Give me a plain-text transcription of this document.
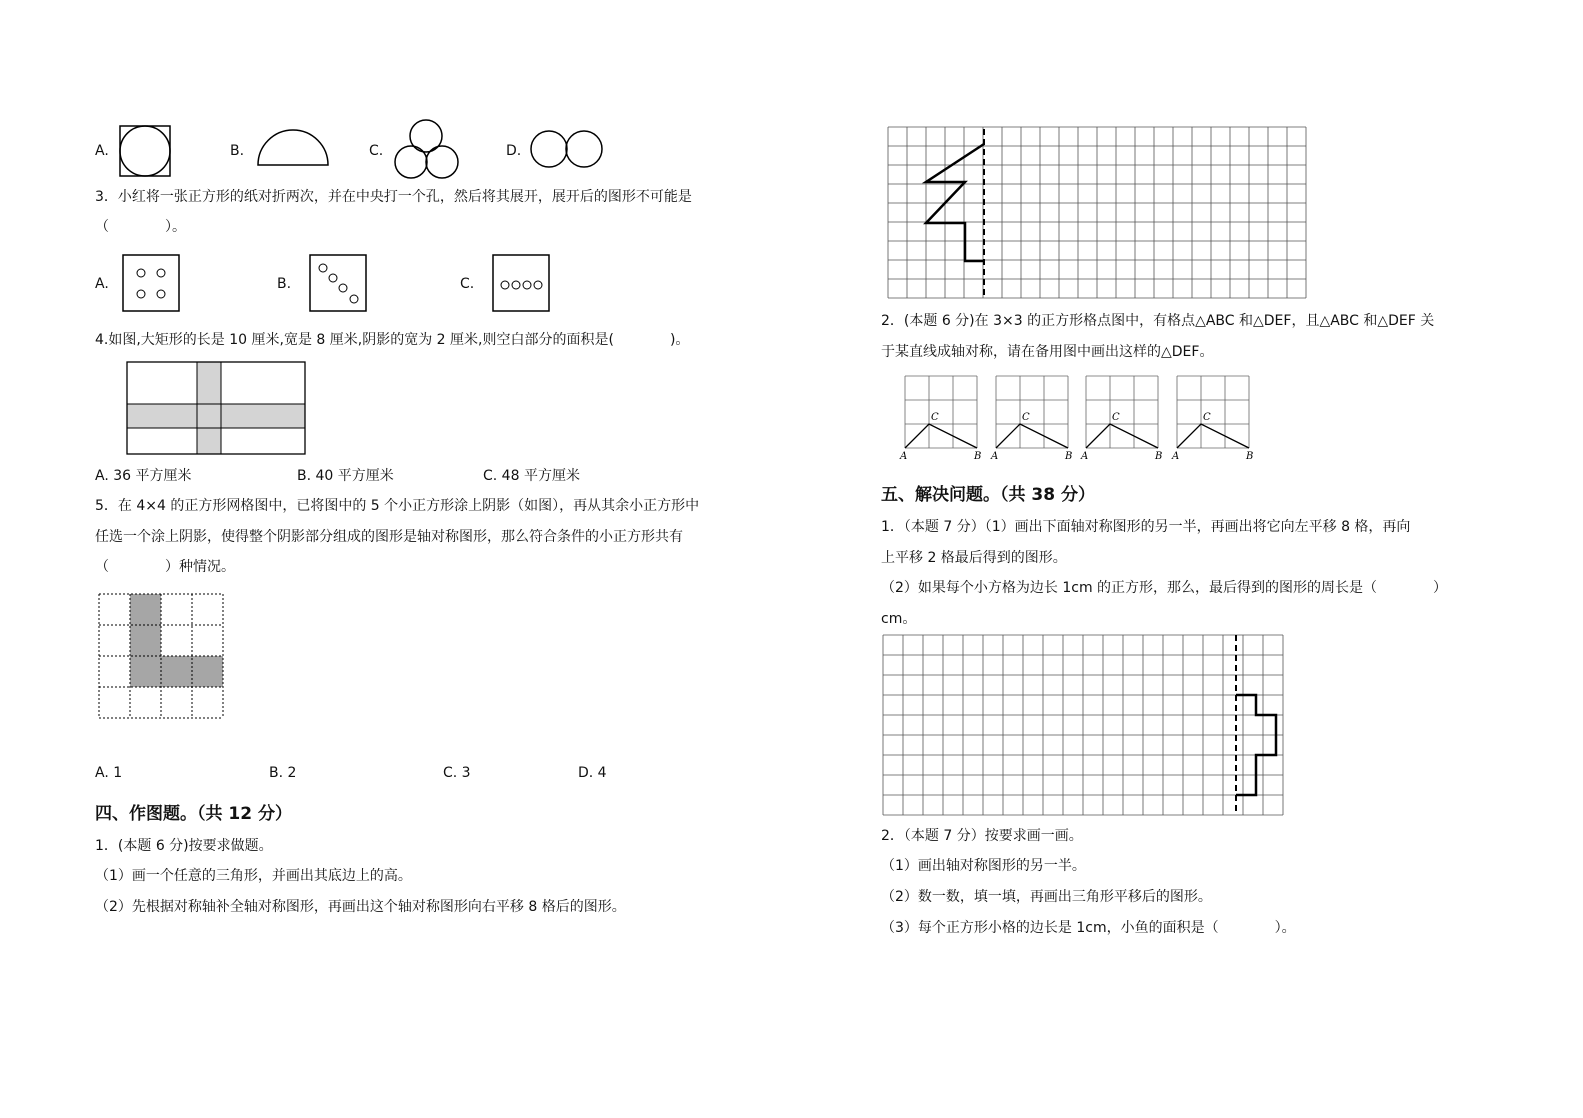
A.	B.	C.	D.
3．小红将一张正方形的纸对折两次，并在中央打一个孔，然后将其展开，展开后的图形不可能是
（　　　　）。
A.	B.	C.
4.如图,大矩形的长是 10 厘米,宽是 8 厘米,阴影的宽为 2 厘米,则空白部分的面积是(　　　　)。
A. 36 平方厘米	B. 40 平方厘米	C. 48 平方厘米
5．在 4×4 的正方形网格图中，已将图中的 5 个小正方形涂上阴影（如图），再从其余小正方形中
任选一个涂上阴影，使得整个阴影部分组成的图形是轴对称图形，那么符合条件的小正方形共有
（　　　　）种情况。
A. 1	B. 2	C. 3	D. 4
四、作图题。（共 12 分）
1．(本题 6 分)按要求做题。
（1）画一个任意的三角形，并画出其底边上的高。
（2）先根据对称轴补全轴对称图形，再画出这个轴对称图形向右平移 8 格后的图形。
2．(本题 6 分)在 3×3 的正方形格点图中，有格点△ABC 和△DEF，且△ABC 和△DEF 关
于某直线成轴对称，请在备用图中画出这样的△DEF。
C
A	B
C
A	B
C
A	B
C
A	B
五、解决问题。（共 38 分）
1．（本题 7 分）（1）画出下面轴对称图形的另一半，再画出将它向左平移 8 格，再向
上平移 2 格最后得到的图形。
（2）如果每个小方格为边长 1cm 的正方形，那么，最后得到的图形的周长是（　　　　）
cm。
2．（本题 7 分）按要求画一画。
（1）画出轴对称图形的另一半。
（2）数一数，填一填，再画出三角形平移后的图形。
（3）每个正方形小格的边长是 1cm，小鱼的面积是（　　　　）。
